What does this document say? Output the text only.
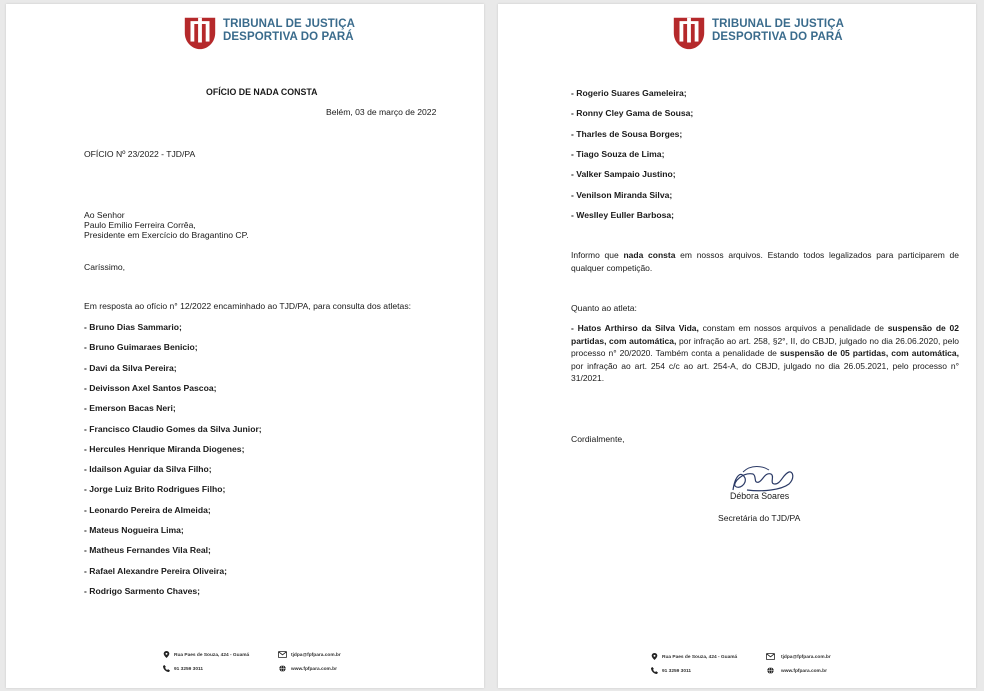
TRIBUNAL DE JUSTIÇA
DESPORTIVA DO PARÁ
OFÍCIO DE NADA CONSTA
Belém, 03 de março de 2022
OFÍCIO Nº 23/2022 - TJD/PA
Ao Senhor
Paulo Emílio Ferreira Corrêa,
Presidente em Exercício do Bragantino CP.
Caríssimo,
Em resposta ao ofício n° 12/2022 encaminhado ao TJD/PA, para consulta dos atletas:
- Bruno Dias Sammario;
- Bruno Guimaraes Benicio;
- Davi da Silva Pereira;
- Deivisson Axel Santos Pascoa;
- Emerson Bacas Neri;
- Francisco Claudio Gomes da Silva Junior;
- Hercules Henrique Miranda Diogenes;
- Idailson Aguiar da Silva Filho;
- Jorge Luiz Brito Rodrigues Filho;
- Leonardo Pereira de Almeida;
- Mateus Nogueira Lima;
- Matheus Fernandes Vila Real;
- Rafael Alexandre Pereira Oliveira;
- Rodrigo Sarmento Chaves;
Rua Paes de Souza, 424 - Guamá	tjdpa@fpfpara.com.br
91 3259 3011	www.fpfpara.com.br
TRIBUNAL DE JUSTIÇA
DESPORTIVA DO PARÁ
- Rogerio Suares Gameleira;
- Ronny Cley Gama de Sousa;
- Tharles de Sousa Borges;
- Tiago Souza de Lima;
- Valker Sampaio Justino;
- Venilson Miranda Silva;
- Weslley Euller Barbosa;
Informo que nada consta em nossos arquivos. Estando todos legalizados para participarem de qualquer competição.
Quanto ao atleta:
- Hatos Arthirso da Silva Vida, constam em nossos arquivos a penalidade de suspensão de 02 partidas, com automática, por infração ao art. 258, §2°, II, do CBJD, julgado no dia 26.06.2020, pelo processo n° 20/2020. Também conta a penalidade de suspensão de 05 partidas, com automática, por infração ao art. 254 c/c ao art. 254-A, do CBJD, julgado no dia 26.05.2021, pelo processo n° 31/2021.
Cordialmente,
Débora Soares
Secretária do TJD/PA
Rua Paes de Souza, 424 - Guamá	tjdpa@fpfpara.com.br
91 3259 3011	www.fpfpara.com.br
